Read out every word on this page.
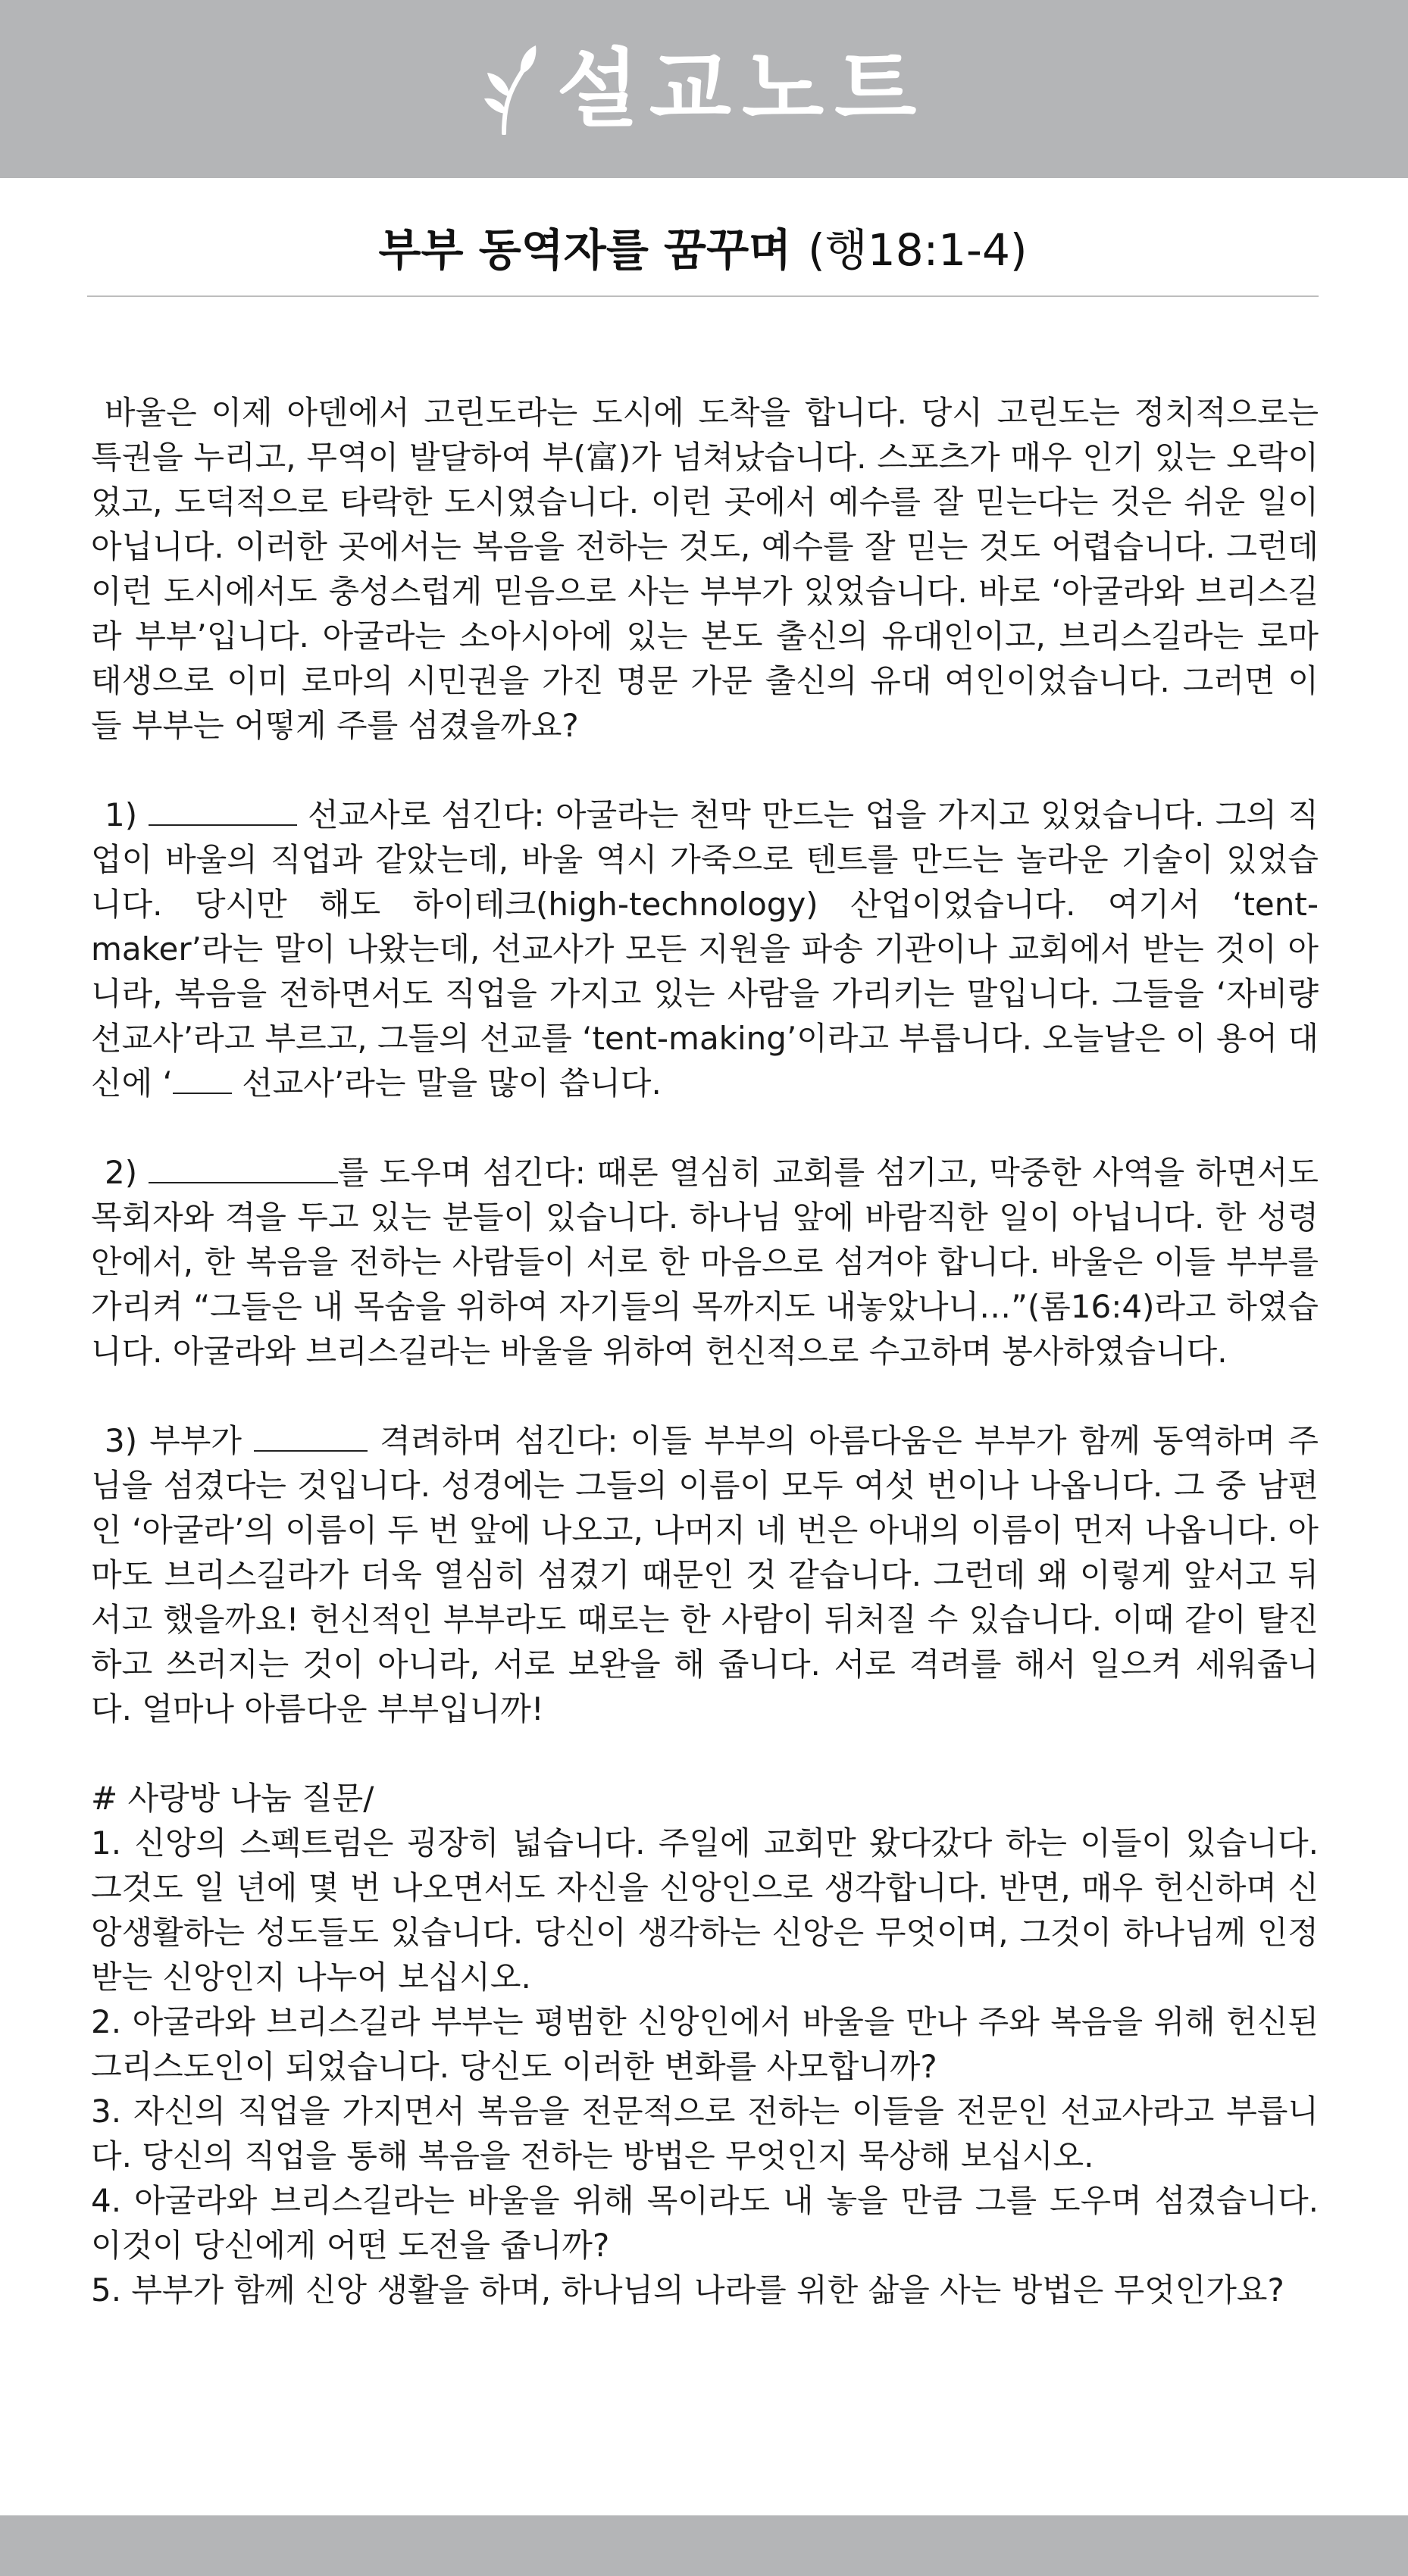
설교노트
부부 동역자를 꿈꾸며 (행18:1-4)

바울은 이제 아덴에서 고린도라는 도시에 도착을 합니다. 당시 고린도는 정치적으로는 특권을 누리고, 무역이 발달하여 부(富)가 넘쳐났습니다. 스포츠가 매우 인기 있는 오락이었고, 도덕적으로 타락한 도시였습니다. 이런 곳에서 예수를 잘 믿는다는 것은 쉬운 일이 아닙니다. 이러한 곳에서는 복음을 전하는 것도, 예수를 잘 믿는 것도 어렵습니다. 그런데 이런 도시에서도 충성스럽게 믿음으로 사는 부부가 있었습니다. 바로 ‘아굴라와 브리스길라 부부’입니다. 아굴라는 소아시아에 있는 본도 출신의 유대인이고, 브리스길라는 로마 태생으로 이미 로마의 시민권을 가진 명문 가문 출신의 유대 여인이었습니다. 그러면 이들 부부는 어떻게 주를 섬겼을까요?

1)	선교사로 섬긴다: 아굴라는 천막 만드는 업을 가지고 있었습니다. 그의 직업이 바울의 직업과 같았는데, 바울 역시 가죽으로 텐트를 만드는 놀라운 기술이 있었습니다. 당시만 해도 하이테크(high-technology) 산업이었습니다. 여기서 ‘tent-maker’라는 말이 나왔는데, 선교사가 모든 지원을 파송 기관이나 교회에서 받는 것이 아니라, 복음을 전하면서도 직업을 가지고 있는 사람을 가리키는 말입니다. 그들을 ‘자비량 선교사’라고 부르고, 그들의 선교를 ‘tent-making’이라고 부릅니다. 오늘날은 이 용어 대신에 ‘ 선교사’라는 말을 많이 씁니다.

2)	를 도우며 섬긴다: 때론 열심히 교회를 섬기고, 막중한 사역을 하면서도 목회자와 격을 두고 있는 분들이 있습니다. 하나님 앞에 바람직한 일이 아닙니다. 한 성령 안에서, 한 복음을 전하는 사람들이 서로 한 마음으로 섬겨야 합니다. 바울은 이들 부부를 가리켜 “그들은 내 목숨을 위하여 자기들의 목까지도 내놓았나니…”(롬16:4)라고 하였습니다. 아굴라와 브리스길라는 바울을 위하여 헌신적으로 수고하며 봉사하였습니다.

3) 부부가	격려하며 섬긴다: 이들 부부의 아름다움은 부부가 함께 동역하며 주님을 섬겼다는 것입니다. 성경에는 그들의 이름이 모두 여섯 번이나 나옵니다. 그 중 남편인 ‘아굴라’의 이름이 두 번 앞에 나오고, 나머지 네 번은 아내의 이름이 먼저 나옵니다. 아마도 브리스길라가 더욱 열심히 섬겼기 때문인 것 같습니다. 그런데 왜 이렇게 앞서고 뒤서고 했을까요! 헌신적인 부부라도 때로는 한 사람이 뒤처질 수 있습니다. 이때 같이 탈진하고 쓰러지는 것이 아니라, 서로 보완을 해 줍니다. 서로 격려를 해서 일으켜 세워줍니다. 얼마나 아름다운 부부입니까!

# 사랑방 나눔 질문/

1. 신앙의 스펙트럼은 굉장히 넓습니다. 주일에 교회만 왔다갔다 하는 이들이 있습니다. 그것도 일 년에 몇 번 나오면서도 자신을 신앙인으로 생각합니다. 반면, 매우 헌신하며 신앙생활하는 성도들도 있습니다. 당신이 생각하는 신앙은 무엇이며, 그것이 하나님께 인정 받는 신앙인지 나누어 보십시오.

2. 아굴라와 브리스길라 부부는 평범한 신앙인에서 바울을 만나 주와 복음을 위해 헌신된 그리스도인이 되었습니다. 당신도 이러한 변화를 사모합니까?

3. 자신의 직업을 가지면서 복음을 전문적으로 전하는 이들을 전문인 선교사라고 부릅니다. 당신의 직업을 통해 복음을 전하는 방법은 무엇인지 묵상해 보십시오.

4. 아굴라와 브리스길라는 바울을 위해 목이라도 내 놓을 만큼 그를 도우며 섬겼습니다. 이것이 당신에게 어떤 도전을 줍니까?

5. 부부가 함께 신앙 생활을 하며, 하나님의 나라를 위한 삶을 사는 방법은 무엇인가요?
